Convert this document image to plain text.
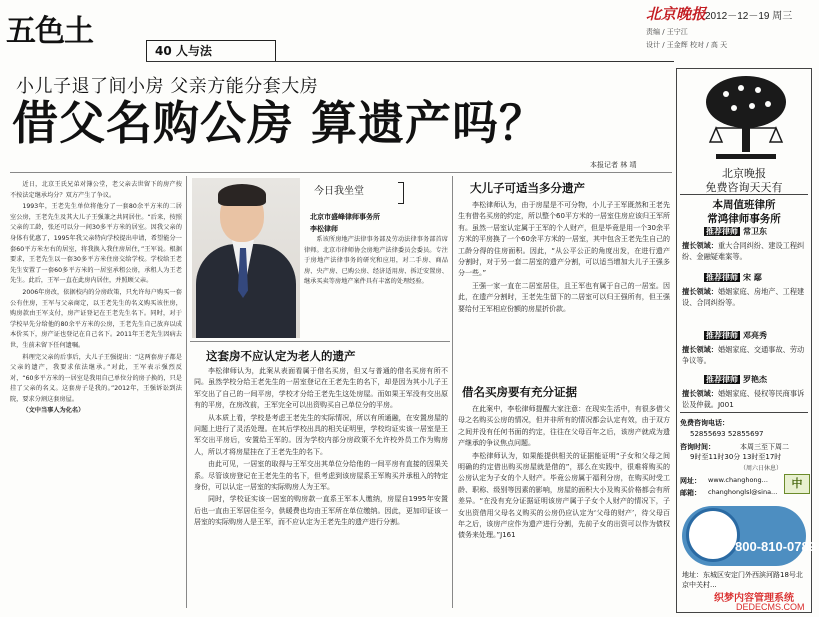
五色土
40 人与法
北京晚报
2012－12－19 周三
责编 / 王宁江
设计 / 王金辉 校对 / 高 天
小儿子退了间小房 父亲方能分套大房
借父名购公房 算遗产吗？
本报记者 林 靖

近日，北京王氏兄弟对簿公堂，老父亲去世留下的房产按不按法定继承均分？双方产生了争议。

1993年，王老先生单位将他分了一套80余平方米的二居室公房，王老先生及其大儿子王强兼之共同居住。“后来，按照父亲的工龄，张还可以分一间30多平方米的居室。因我父亲的身体有优惠了，1995年我父亲特向学校提出申请，希望能分一套60平方米左右的居室，将我换入我住房居住，”王军说。根据要求，王老先生以一套30多平方米住房交给学校。学校给王老先生安置了一套60多平方米的一居室承租公房，承租人为王老先生。此后，王军一直在此房内居住，并照顾父亲。

2006年房改，依据校内的分房政策，只允许每户购买一套公有住房，王军与父亲商定，以王老先生的名义购买该住房，购房款由王军支付，房产证登记在王老先生名下。同时，对于学校早先分给他的80余平方米的公房，王老先生自己放弃以成本价买下，房产证也登记在自己名下。2011年王老先生因病去世，生前未留下任何遗嘱。

料理完父亲的后事后，大儿子王强提出：“这两套房子都是父亲的遗产，我要求依法继承。”对此，王军表示强烈反对，“60多平方米的一居室是我用自己单位分的房子换的，只是挂了父亲的名义。这套房子是我的。”2012年，王强诉讼到法院，要求分割这套房屋。

（文中当事人为化名）

今日我坐堂
北京市盛峰律师事务所
李松律师

系该所房地产法律事务部及劳动法律事务部首席律师。北京市律师协会房地产法律委员会委员。专注于房地产法律事务的研究和应用，对二手房、商品房、央产房、已购公房、经济适用房、拆迁安置房、继承买卖等房地产案件具有丰富的处理经验。

这套房不应认定为老人的遗产

李松律师认为，此案从表面看属于借名买房，但又与普通的借名买房有所不同。虽然学校分给王老先生的一居室登记在王老先生的名下，却是因为其小儿子王军交出了自己的一间平房，学校才分给王老先生这处房屋。而如果王军没有交出原有的平房，在房改前，王军完全可以出资购买自己单位分的平房。

从本质上看，学校是考虑王老先生的实际情况，所以有所通融，在安置房屋的问题上进行了灵活处理。在其后学校出具的相关证明里，学校均证实该一居室是王军交出平房后，安置给王军的。因为学校内部分房政策不允许校外员工作为购房人，所以才将房屋挂在了王老先生的名下。

由此可见，一居室的取得与王军交出其单位分给他的一间平房有直接的因果关系。尽管该房登记在王老先生的名下，但考虑到该房屋系王军购买并承租入的特定身份，可以认定一居室的实际购房人为王军。

同时，学校证实该一居室的购房款一直系王军本人缴纳，房屋自1995年安置后也一直由王军居住至今，供暖费也均由王军所在单位缴纳。因此，更加印证该一居室的实际购房人是王军，而不应认定为王老先生的遗产进行分割。

大儿子可适当多分遗产

李松律师认为，由于房屋是不可分物，小儿子王军既然和王老先生有借名买房的约定，所以整个60平方米的一居室住房应该归王军所有。虽然一居室认定属于王军的个人财产，但是毕竟是用一个30余平方米的平房换了一个60余平方米的一居室，其中包含王老先生自己的工龄分得的住房面积。因此，“从公平公正的角度出发，在进行遗产分割时，对于另一套二居室的遗产分割，可以适当增加大儿子王强多分一些。”

王强一家一直在二居室居住，且王军也有属于自己的一居室。因此，在遗产分割时，王老先生留下的二居室可以归王强所有，但王强要给付王军相应份额的房屋折价款。

借名买房要有充分证据

在此案中，李松律师提醒大家注意：在现实生活中，有很多借父母之名购买公房的情况，但并非所有的情况都会认定有效，由于双方之间并没有任何书面的约定，往往在父母百年之后，该房产就成为遗产继承的争议焦点问题。

李松律师认为，如果能提供相关的证据能证明“子女和父母之间明确的约定借出购买房屋就是借的”，那么在实践中，很难将购买的公房认定为子女的个人财产。毕竟公房属于福利分房，在购买时受工龄、职称、级别等因素的影响，房屋的面积大小及购买价格都会有所差异。“在没有充分证据证明该房产属于子女个人财产的情况下，子女出资借用父母名义购买的公房仍应认定为‘父母的财产’，待父母百年之后，该房产应作为遗产进行分割，先前子女的出资可以作为债权债务来处理。”J161

北京晚报
免费咨询天天有
本周值班律所
常鸿律师事务所
推荐律师 常卫东
擅长领域：重大合同纠纷、建设工程纠纷、金融疑难案等。
推荐律师 宋 鄢
擅长领域：婚姻家庭、房地产、工程建设、合同纠纷等。
推荐律师 邓亮秀
擅长领域：婚姻家庭、交通事故、劳动争议等。
推荐律师 罗艳杰
擅长领域：婚姻家庭、侵权等民商事诉讼及仲裁。J001
免费咨询电话：
52855693 52855697
咨询时间：	本周三至下周二
9时至11时30分 13时至17时
（周六日休息）
网址： www.changhong...
邮箱： changhonglsl@sina...
中
800-810-0789
地址：东城区安定门外西滨河路18号北京中关村...
织梦内容管理系统
DEDECMS.COM
